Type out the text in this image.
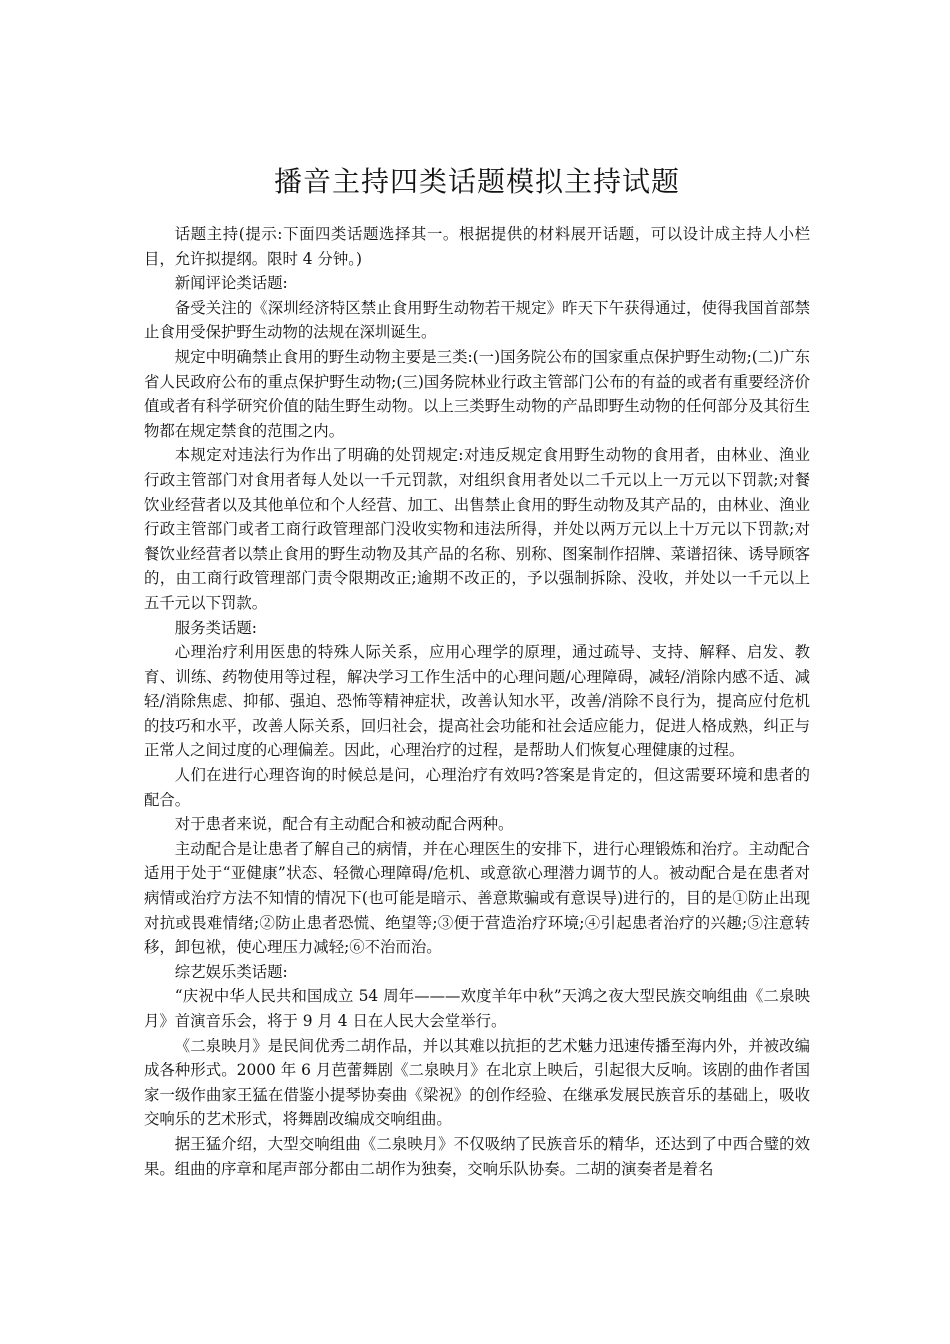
播音主持四类话题模拟主持试题

话题主持(提示:下面四类话题选择其一。根据提供的材料展开话题，可以设计成主持人小栏目，允许拟提纲。限时 4 分钟。)

新闻评论类话题:

备受关注的《深圳经济特区禁止食用野生动物若干规定》昨天下午获得通过，使得我国首部禁止食用受保护野生动物的法规在深圳诞生。

规定中明确禁止食用的野生动物主要是三类:(一)国务院公布的国家重点保护野生动物;(二)广东省人民政府公布的重点保护野生动物;(三)国务院林业行政主管部门公布的有益的或者有重要经济价值或者有科学研究价值的陆生野生动物。以上三类野生动物的产品即野生动物的任何部分及其衍生物都在规定禁食的范围之内。

本规定对违法行为作出了明确的处罚规定:对违反规定食用野生动物的食用者，由林业、渔业行政主管部门对食用者每人处以一千元罚款，对组织食用者处以二千元以上一万元以下罚款;对餐饮业经营者以及其他单位和个人经营、加工、出售禁止食用的野生动物及其产品的，由林业、渔业行政主管部门或者工商行政管理部门没收实物和违法所得，并处以两万元以上十万元以下罚款;对餐饮业经营者以禁止食用的野生动物及其产品的名称、别称、图案制作招牌、菜谱招徕、诱导顾客的，由工商行政管理部门责令限期改正;逾期不改正的，予以强制拆除、没收，并处以一千元以上五千元以下罚款。

服务类话题:

心理治疗利用医患的特殊人际关系，应用心理学的原理，通过疏导、支持、解释、启发、教育、训练、药物使用等过程，解决学习工作生活中的心理问题/心理障碍，减轻/消除内感不适、减轻/消除焦虑、抑郁、强迫、恐怖等精神症状，改善认知水平，改善/消除不良行为，提高应付危机的技巧和水平，改善人际关系，回归社会，提高社会功能和社会适应能力，促进人格成熟，纠正与正常人之间过度的心理偏差。因此，心理治疗的过程，是帮助人们恢复心理健康的过程。

人们在进行心理咨询的时候总是问，心理治疗有效吗?答案是肯定的，但这需要环境和患者的配合。

对于患者来说，配合有主动配合和被动配合两种。

主动配合是让患者了解自己的病情，并在心理医生的安排下，进行心理锻炼和治疗。主动配合适用于处于“亚健康”状态、轻微心理障碍/危机、或意欲心理潜力调节的人。被动配合是在患者对病情或治疗方法不知情的情况下(也可能是暗示、善意欺骗或有意误导)进行的，目的是①防止出现对抗或畏难情绪;②防止患者恐慌、绝望等;③便于营造治疗环境;④引起患者治疗的兴趣;⑤注意转移，卸包袱，使心理压力减轻;⑥不治而治。

综艺娱乐类话题:

“庆祝中华人民共和国成立 54 周年———欢度羊年中秋”天鸿之夜大型民族交响组曲《二泉映月》首演音乐会，将于 9 月 4 日在人民大会堂举行。

《二泉映月》是民间优秀二胡作品，并以其难以抗拒的艺术魅力迅速传播至海内外，并被改编成各种形式。2000 年 6 月芭蕾舞剧《二泉映月》在北京上映后，引起很大反响。该剧的曲作者国家一级作曲家王猛在借鉴小提琴协奏曲《梁祝》的创作经验、在继承发展民族音乐的基础上，吸收交响乐的艺术形式，将舞剧改编成交响组曲。

据王猛介绍，大型交响组曲《二泉映月》不仅吸纳了民族音乐的精华，还达到了中西合璧的效果。组曲的序章和尾声部分都由二胡作为独奏，交响乐队协奏。二胡的演奏者是着名
